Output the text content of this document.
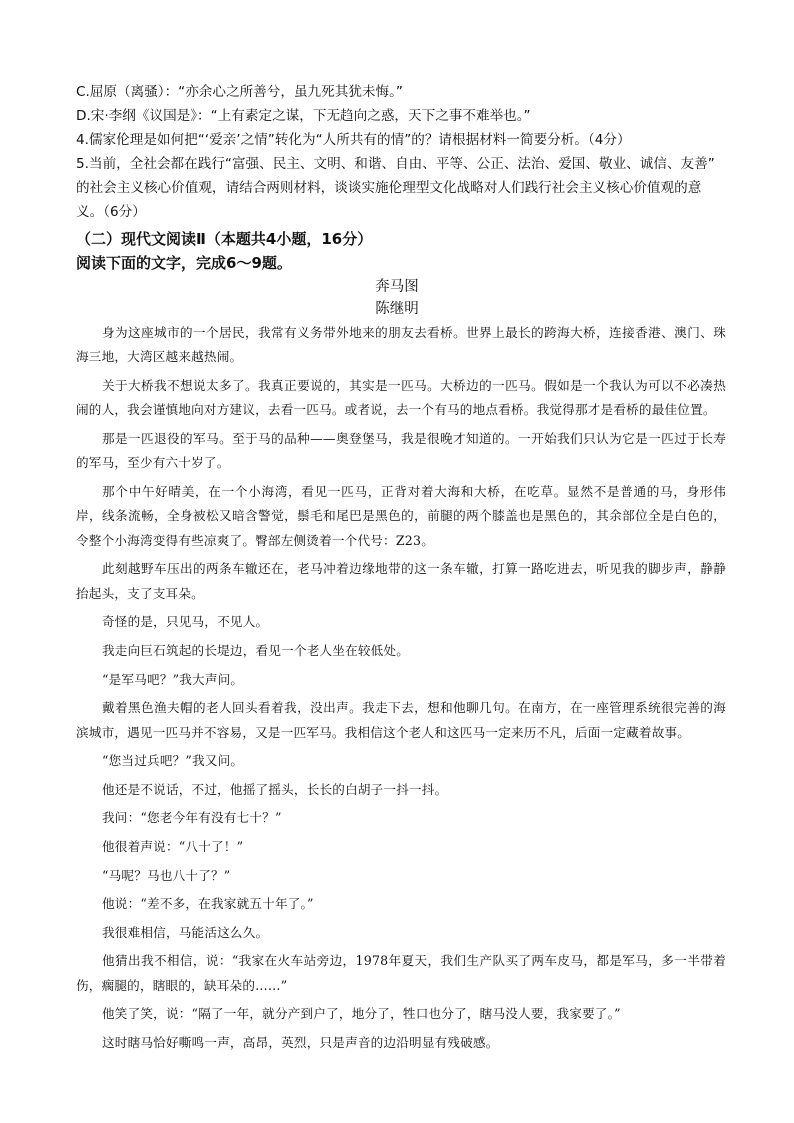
C.屈原（离骚）：“亦余心之所善兮，虽九死其犹未悔。”

D.宋·李纲《议国是》：“上有素定之谋，下无趋向之惑，天下之事不难举也。”

4.儒家伦理是如何把“‘爱亲’之情”转化为“人所共有的情”的？请根据材料一简要分析。（4分）

5.当前，全社会都在践行“富强、民主、文明、和谐、自由、平等、公正、法治、爱国、敬业、诚信、友善”

的社会主义核心价值观，请结合两则材料，谈谈实施伦理型文化战略对人们践行社会主义核心价值观的意

义。（6分）

（二）现代文阅读Ⅱ（本题共4小题，16分）

阅读下面的文字，完成6～9题。

奔马图

陈继明

身为这座城市的一个居民，我常有义务带外地来的朋友去看桥。世界上最长的跨海大桥，连接香港、澳门、珠海三地，大湾区越来越热闹。

关于大桥我不想说太多了。我真正要说的，其实是一匹马。大桥边的一匹马。假如是一个我认为可以不必凑热闹的人，我会谨慎地向对方建议，去看一匹马。或者说，去一个有马的地点看桥。我觉得那才是看桥的最佳位置。

那是一匹退役的军马。至于马的品种——奥登堡马，我是很晚才知道的。一开始我们只认为它是一匹过于长寿的军马，至少有六十岁了。

那个中午好晴美，在一个小海湾，看见一匹马，正背对着大海和大桥，在吃草。显然不是普通的马，身形伟岸，线条流畅，全身被松又暗含警觉，鬃毛和尾巴是黑色的，前腿的两个膝盖也是黑色的，其余部位全是白色的，令整个小海湾变得有些凉爽了。臀部左侧烫着一个代号：Z23。

此刻越野车压出的两条车辙还在，老马冲着边缘地带的这一条车辙，打算一路吃进去，听见我的脚步声，静静抬起头，支了支耳朵。

奇怪的是，只见马，不见人。

我走向巨石筑起的长堤边，看见一个老人坐在较低处。

“是军马吧？”我大声问。

戴着黑色渔夫帽的老人回头看着我，没出声。我走下去，想和他聊几句。在南方，在一座管理系统很完善的海滨城市，遇见一匹马并不容易，又是一匹军马。我相信这个老人和这匹马一定来历不凡，后面一定藏着故事。

“您当过兵吧？”我又问。

他还是不说话，不过，他摇了摇头，长长的白胡子一抖一抖。

我问：“您老今年有没有七十？”

他很着声说：“八十了！”

“马呢？马也八十了？”

他说：“差不多，在我家就五十年了。”

我很难相信，马能活这么久。

他猜出我不相信，说：“我家在火车站旁边，1978年夏天，我们生产队买了两车皮马，都是军马，多一半带着伤，瘸腿的，瞎眼的，缺耳朵的……”

他笑了笑，说：“隔了一年，就分产到户了，地分了，牲口也分了，瞎马没人要，我家要了。”

这时瞎马恰好嘶鸣一声，高昂，英烈，只是声音的边沿明显有残破感。
